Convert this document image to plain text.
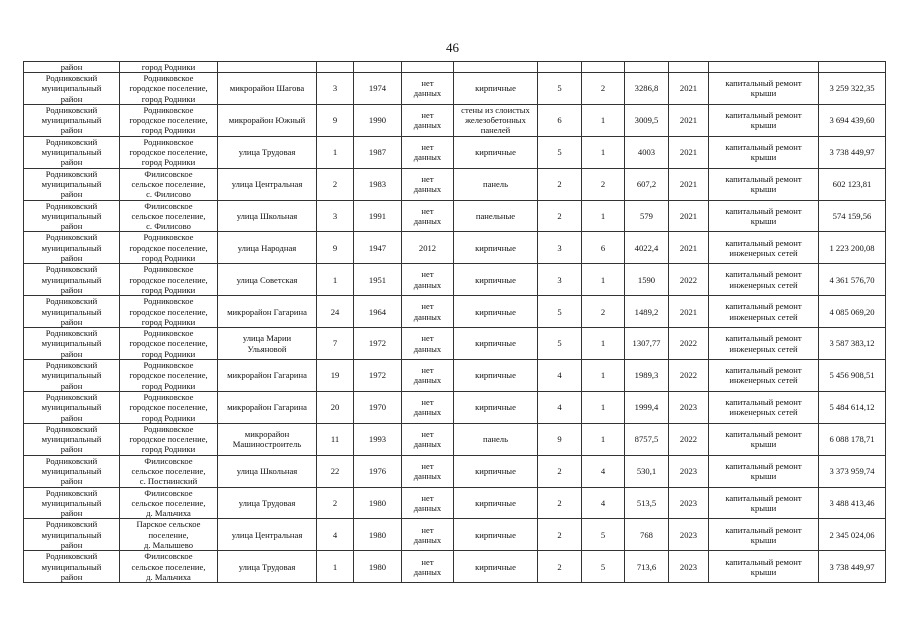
46
район	город Родники											
Родниковский
муниципальный
район	Родниковское
городское поселение,
город Родники	микрорайон Шагова	3	1974	нет
данных	кирпичные	5	2	3286,8	2021	капитальный ремонт
крыши	3 259 322,35
Родниковский
муниципальный
район	Родниковское
городское поселение,
город Родники	микрорайон Южный	9	1990	нет
данных	стены из слоистых
железобетонных
панелей	6	1	3009,5	2021	капитальный ремонт
крыши	3 694 439,60
Родниковский
муниципальный
район	Родниковское
городское поселение,
город Родники	улица Трудовая	1	1987	нет
данных	кирпичные	5	1	4003	2021	капитальный ремонт
крыши	3 738 449,97
Родниковский
муниципальный
район	Филисовское
сельское поселение,
с. Филисово	улица Центральная	2	1983	нет
данных	панель	2	2	607,2	2021	капитальный ремонт
крыши	602 123,81
Родниковский
муниципальный
район	Филисовское
сельское поселение,
с. Филисово	улица Школьная	3	1991	нет
данных	панельные	2	1	579	2021	капитальный ремонт
крыши	574 159,56
Родниковский
муниципальный
район	Родниковское
городское поселение,
город Родники	улица Народная	9	1947	2012	кирпичные	3	6	4022,4	2021	капитальный ремонт
инженерных сетей	1 223 200,08
Родниковский
муниципальный
район	Родниковское
городское поселение,
город Родники	улица Советская	1	1951	нет
данных	кирпичные	3	1	1590	2022	капитальный ремонт
инженерных сетей	4 361 576,70
Родниковский
муниципальный
район	Родниковское
городское поселение,
город Родники	микрорайон Гагарина	24	1964	нет
данных	кирпичные	5	2	1489,2	2021	капитальный ремонт
инженерных сетей	4 085 069,20
Родниковский
муниципальный
район	Родниковское
городское поселение,
город Родники	улица Марии
Ульяновой	7	1972	нет
данных	кирпичные	5	1	1307,77	2022	капитальный ремонт
инженерных сетей	3 587 383,12
Родниковский
муниципальный
район	Родниковское
городское поселение,
город Родники	микрорайон Гагарина	19	1972	нет
данных	кирпичные	4	1	1989,3	2022	капитальный ремонт
инженерных сетей	5 456 908,51
Родниковский
муниципальный
район	Родниковское
городское поселение,
город Родники	микрорайон Гагарина	20	1970	нет
данных	кирпичные	4	1	1999,4	2023	капитальный ремонт
инженерных сетей	5 484 614,12
Родниковский
муниципальный
район	Родниковское
городское поселение,
город Родники	микрорайон
Машиностроитель	11	1993	нет
данных	панель	9	1	8757,5	2022	капитальный ремонт
крыши	6 088 178,71
Родниковский
муниципальный
район	Филисовское
сельское поселение,
с. Постнинский	улица Школьная	22	1976	нет
данных	кирпичные	2	4	530,1	2023	капитальный ремонт
крыши	3 373 959,74
Родниковский
муниципальный
район	Филисовское
сельское поселение,
д. Мальчиха	улица Трудовая	2	1980	нет
данных	кирпичные	2	4	513,5	2023	капитальный ремонт
крыши	3 488 413,46
Родниковский
муниципальный
район	Парское сельское
поселение,
д. Малышево	улица Центральная	4	1980	нет
данных	кирпичные	2	5	768	2023	капитальный ремонт
крыши	2 345 024,06
Родниковский
муниципальный
район	Филисовское
сельское поселение,
д. Мальчиха	улица Трудовая	1	1980	нет
данных	кирпичные	2	5	713,6	2023	капитальный ремонт
крыши	3 738 449,97
